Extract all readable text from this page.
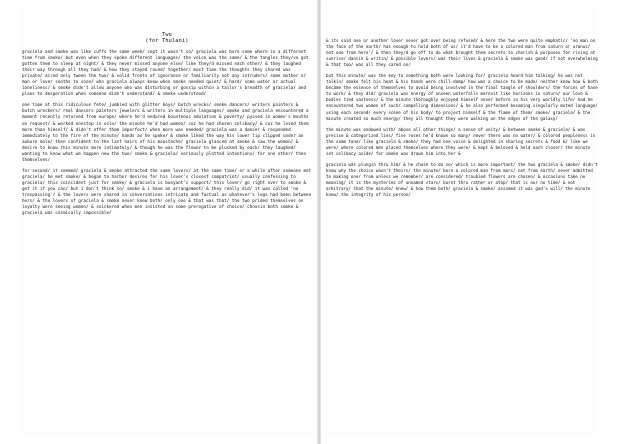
Two
(for Thulani)

graciela and smoke was like cuffs the same week/ cept it wasn't so/ graciela was born some where in a different time from smoke/ but even when they spoke different languages/ the voice was the same/ & the tangles they/ve got gotten them to sleep at night/ & they never missed anyone else/ like they/d missed each other/ & they laughed their way through all they had/ & how they stayed round/ together/ most time the thoughts they shared was private/ aired only tween the two/ & solid fronts of ignorance or familiarity not any intruders/ some mother or man or lover sooths to soon/ who graciela always knew when smoke needed quiet/ & hard/ some water or actual loneliness/ & smoke didn't allow anyone who was disturbing or gossip within a tailor's breadth of graciela/ and plans to desperation when someone didn't understand/ & smoke understood/

one time at this ridiculous fete/ jumbled with glitter boys/ butch wrecks/ smoke dancers/ writers painters & butch wreckers/ real dancers painters jewelers & writers in multiple languages/ smoke and graciela encountered a moment recently returned from europe/ where he'd endured bounteous adulation & poverty/ pyssed in women's mouths on request/ & worked nonstop in oslo/ the minute he'd had women/ cuz he had chosen celibacy/ & cuz he loved them more than himself/ & didn't offer them imperfect/ when more was needed/ graciela was a dancer & responded immediately to the fire of the minute/ hands as he spoke/ & smoke liked the way his lower lip clipped under an auburn mole/ then confident to the last hairs of his moustache/ graciela glanced at smoke & saw the women/ & desire to know this minute more intimately/ & though he was the flower to be plucked by each/ they laughed/ wanting to know what we happen now the two/ smoke & graciela/ seriously plotted intentions/ for one other/ then themselves/

for second/ it seemed/ graciela & smoke attracted the same lovers/ at the same time/ or a while after someone met graciela/ he met smoke/ & began to harbor desires for his lover's closest compatriot/ usually confessing to graciela/ this coincident just for smoke/ & graciela is buoyant's support/ this lover/ go right over to smoke & get it if you can/ but i don't think so/ smoke & i have an arrangement/ & they really did/ it was called 'no trespassing'/ & the lovers were shared in conversations intricate and factual as whatever's legs had been between hers/ & the lovers of graciela & smoke never knew both/ only one & that was that/ the two prided themselves on loyalty were seeing women/ & snickered when men insisted on some prerogative of choice/ choosin both smoke & graciela was cosmically impossible/

& its said one or another lover never got over being refused/ & here the two were quite emphatic/ 'no man on the face of the earth/ has enough to hold both of us/ it'd have to be a colored man from saturn or uranus/ not one from here'/ & then they/d go off to do what brought them secrets to cherish & purposes for rising at sunrise/ dancin & writin/ & possible lovers/ was their lives & graciela & smoke was good/ if not everwhelming & that too/ was all they cared on/

but this minute/ was the key to something both were looking for/ graciela heard him talking/ he was not talkin/ smoke felt his heat & his hands were chill-damp/ how was a choice to be made/ neither knew how & both became the essence of themselves to avoid being involved in the final tangle of shoulders/ the forces of have to work/ & they did/ graciela was energy of unseen waterfalls mernuit like horizons in saturn/ our love & bodies tied vastness/ & the minute thoroughly enjoyed himself never before in his very worldly life/ had he encountered two women of such/ compelling dimensions/ & he also performed becoming singularly muted language/ using each second/ every scene of his body/ to project himself & the flame of them/ smoke/ graciela/ & the minute created so much energy/ they all thought they were walking on the edges of the galaxy/

the minute was endowed with/ above all other things/ a sense of unity/ & between smoke & graciela/ & was precise & categorized lies/ five roses he'd known so many/ never there was no water/ & colored peopleness in the same tone/ like graciela & smoke/ they had one voice & delighted in sharing secrets & food &/ like we were/ where colored men placed themselves where they were/ & kept & beloved & held each closer/ the minute set celibacy aside/ for smoke was drawn him into her &

graciela was plungin thru him/ & he chose to do so/ which is more important/ the two graciela & smoke/ didn't know why the choice wasn't theirs/ the minute/ born a colored man from mars/ not from earth/ never admitted to making one/ from unless we remember/ are considered/ troubled flowers are chosen/ & occasions take no meaning/ it is the mysteries of unnamed stars/ burnt thru rather or atop/ that is our no time/ & not arbitrary/ that the minute/ knew/ & how them both/ graciela & smoke/ assumed it was god's will/ the minute knew/ the integrity of his person/
